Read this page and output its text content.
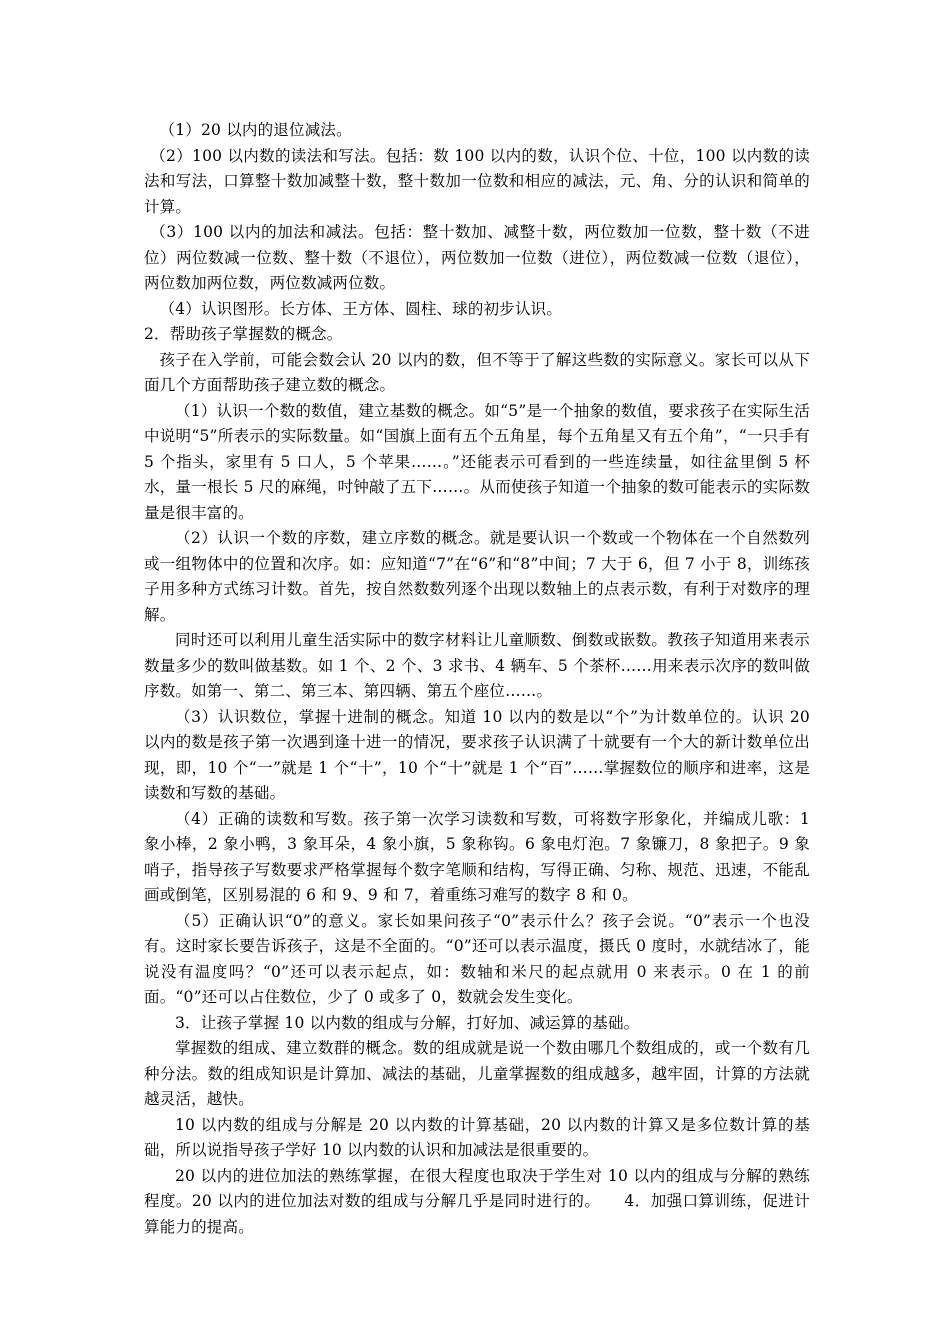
（1）20 以内的退位减法。

（2）100 以内数的读法和写法。包括：数 100 以内的数，认识个位、十位，100 以内数的读法和写法，口算整十数加减整十数，整十数加一位数和相应的减法，元、角、分的认识和简单的计算。

（3）100 以内的加法和减法。包括：整十数加、减整十数，两位数加一位数，整十数（不进位）两位数减一位数、整十数（不退位），两位数加一位数（进位），两位数减一位数（退位），两位数加两位数，两位数减两位数。

（4）认识图形。长方体、王方体、圆柱、球的初步认识。

2．帮助孩子掌握数的概念。

孩子在入学前，可能会数会认 20 以内的数，但不等于了解这些数的实际意义。家长可以从下面几个方面帮助孩子建立数的概念。

（1）认识一个数的数值，建立基数的概念。如“5”是一个抽象的数值，要求孩子在实际生活中说明“5”所表示的实际数量。如“国旗上面有五个五角星，每个五角星又有五个角”，“一只手有 5 个指头，家里有 5 口人，5 个苹果……。”还能表示可看到的一些连续量，如往盆里倒 5 杯水，量一根长 5 尺的麻绳，吋钟敲了五下……。从而使孩子知道一个抽象的数可能表示的实际数量是很丰富的。

（2）认识一个数的序数，建立序数的概念。就是要认识一个数或一个物体在一个自然数列或一组物体中的位置和次序。如：应知道“7”在“6”和“8”中间；7 大于 6，但 7 小于 8，训练孩子用多种方式练习计数。首先，按自然数数列逐个出现以数轴上的点表示数，有利于对数序的理解。

同时还可以利用儿童生活实际中的数字材料让儿童顺数、倒数或嵌数。教孩子知道用来表示数量多少的数叫做基数。如 1 个、2 个、3 求书、4 辆车、5 个茶杯……用来表示次序的数叫做序数。如第一、第二、第三本、第四辆、第五个座位……。

（3）认识数位，掌握十进制的概念。知道 10 以内的数是以“个”为计数单位的。认识 20 以内的数是孩子第一次遇到逢十进一的情况，要求孩子认识满了十就要有一个大的新计数单位出现，即，10 个“一”就是 1 个“十”，10 个“十”就是 1 个“百”……掌握数位的顺序和进率，这是读数和写数的基础。

（4）正确的读数和写数。孩子第一次学习读数和写数，可将数字形象化，并编成儿歌：1 象小棒，2 象小鸭，3 象耳朵，4 象小旗，5 象称钩。6 象电灯泡。7 象镰刀，8 象把子。9 象哨子，指导孩子写数要求严格掌握每个数字笔顺和结构，写得正确、匀称、规范、迅速，不能乱画或倒笔，区别易混的 6 和 9、9 和 7，着重练习难写的数字 8 和 0。

（5）正确认识“0”的意义。家长如果问孩子“0”表示什么？孩子会说。“0”表示一个也没有。这时家长要告诉孩子，这是不全面的。“0”还可以表示温度，摄氏 0 度时，水就结冰了，能说没有温度吗？“0”还可以表示起点，如：数轴和米尺的起点就用 0 来表示。0 在 1 的前面。“0”还可以占住数位，少了 0 或多了 0，数就会发生变化。

3．让孩子掌握 10 以内数的组成与分解，打好加、减运算的基础。

掌握数的组成、建立数群的概念。数的组成就是说一个数由哪几个数组成的，或一个数有几种分法。数的组成知识是计算加、减法的基础，儿童掌握数的组成越多，越牢固，计算的方法就越灵活，越快。

10 以内数的组成与分解是 20 以内数的计算基础，20 以内数的计算又是多位数计算的基础，所以说指导孩子学好 10 以内数的认识和加减法是很重要的。

20 以内的进位加法的熟练掌握，在很大程度也取决于学生对 10 以内的组成与分解的熟练程度。20 以内的进位加法对数的组成与分解几乎是同时进行的。　　4．加强口算训练，促进计算能力的提高。
